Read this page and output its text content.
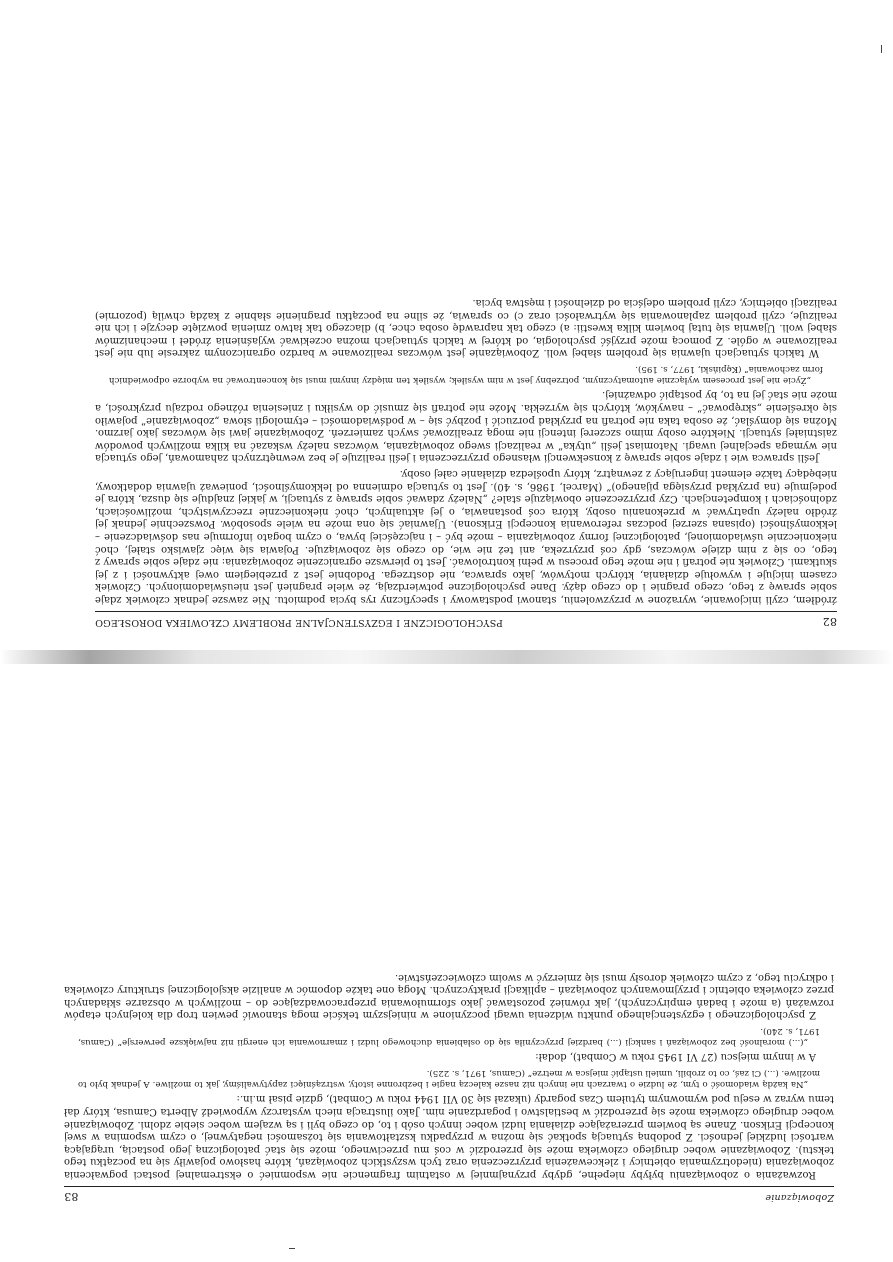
82
PSYCHOLOGICZNE I EGZYSTENCJALNE PROBLEMY CZŁOWIEKA DOROSŁEGO

źródłem, czyli inicjowanie, wyrażone w przyzwoleniu, stanowi podstawowy i specyficzny rys bycia podmiotu. Nie zawsze jednak człowiek zdaje sobie sprawę z tego, czego pragnie i do czego dąży. Dane psychologiczne potwierdzają, że wiele pragnień jest nieuświadomionych. Człowiek czasem inicjuje i wywołuje działania, których motywów, jako sprawca, nie dostrzega. Podobnie jest z przebiegiem owej aktywności i z jej skutkami. Człowiek nie potrafi i nie może tego procesu w pełni kontrolować. Jest to pierwsze ograniczenie zobowiązania: nie zdaje sobie sprawy z tego, co się z nim dzieje wówczas, gdy coś przyrzeka, ani też nie wie, do czego się zobowiązuje. Pojawia się więc zjawisko stałej, choć niekoniecznie uświadomionej, patologicznej formy zobowiązania – może być – i najczęściej bywa, o czym bogato informuje nas doświadczenie – lekkomyślności (opisana szerzej podczas referowania koncepcji Eriksona). Ujawniać się ona może na wiele sposobów. Powszechnie jednak jej źródło należy upatrywać w przekonaniu osoby, która coś postanawia, o jej aktualnych, choć niekoniecznie rzeczywistych, możliwościach, zdolnościach i kompetencjach. Czy przyrzeczenie obowiązuje stale? „Należy zdawać sobie sprawę z sytuacji, w jakiej znajduje się dusza, która je podejmuje (na przykład przysięga pijanego)” (Marcel, 1986, s. 40). Jest to sytuacja odmienna od lekkomyślności, ponieważ ujawnia dodatkowy, niebędący także element ingerujący z zewnątrz, który upośledza działanie całej osoby.

Jeśli sprawca wie i zdaje sobie sprawę z konsekwencji własnego przyrzeczenia i jeśli realizuje je bez wewnętrznych zahamowań, jego sytuacja nie wymaga specjalnej uwagi. Natomiast jeśli „utyka” w realizacji swego zobowiązania, wówczas należy wskazać na kilka możliwych powodów zaistniałej sytuacji. Niektóre osoby mimo szczerej intencji nie mogą zrealizować swych zamierzeń. Zobowiązanie jawi się wówczas jako jarzmo. Można się domyślać, że osoba taka nie potrafi na przykład porzucić i pozbyć się – w podświadomości – etymologii słowa „zobowiązanie” pojawiło się określenie „skrępować” – nawyków, których się wyrzekła. Może nie potrafi się zmusić do wysiłku i zniesienia różnego rodzaju przykrości, a może nie stać jej na to, by postąpić odważniej.

„Życie nie jest procesem wyłącznie automatycznym, potrzebny jest w nim wysiłek; wysiłek ten między innymi musi się koncentrować na wyborze odpowiednich form zachowania” (Kępiński, 1977, s. 195).

W takich sytuacjach ujawnia się problem słabej woli. Zobowiązanie jest wówczas realizowane w bardzo ograniczonym zakresie lub nie jest realizowane w ogóle. Z pomocą może przyjść psychologia, od której w takich sytuacjach można oczekiwać wyjaśnienia źródeł i mechanizmów słabej woli. Ujawnia się tutaj bowiem kilka kwestii: a) czego tak naprawdę osoba chce, b) dlaczego tak łatwo zmienia powzięte decyzje i ich nie realizuje, czyli problem zaplanowania się wytrwałości oraz c) co sprawia, że silne na początku pragnienie słabnie z każdą chwilą (pozornie) realizacji obietnicy, czyli problem odejścia od dzielności i męstwa bycia.

Zobowiązanie
83

Rozważania o zobowiązaniu byłyby niepełne, gdyby przynajmniej w ostatnim fragmencie nie wspomnieć o ekstremalnej postaci pogwałcenia zobowiązania (niedotrzymania obietnicy i zlekceważenia przyrzeczenia oraz tych wszystkich zobowiązań, które hasłowo pojawiły się na początku tego tekstu). Zobowiązanie wobec drugiego człowieka może się przerodzić w coś mu przeciwnego, może się stać patologiczną jego postacią, urągającą wartości ludzkiej jedności. Z podobną sytuacją spotkać się można w przypadku kształtowania się tożsamości negatywnej, o czym wspomina w swej koncepcji Erikson. Znane są bowiem przerażające działania ludzi wobec innych osób i to, do czego byli i są wzajem wobec siebie zdolni. Zobowiązanie wobec drugiego człowieka może się przerodzić w bestialstwo i pogardzanie nim. Jako ilustracja niech wystarczy wypowiedź Alberta Camusa, który dał temu wyraz w eseju pod wymownym tytułem Czas pogardy (ukazał się 30 VII 1944 roku w Combat), gdzie pisał m.in.:

„Na każdą wiadomość o tym, że ludzie o twarzach nie innych niż nasze kaleczą nagie i bezbronne istoty, wstrząśnięci zapytywaliśmy, jak to możliwe. A jednak było to możliwe. (...) Ci zaś, co to zrobili, umieli ustąpić miejsca w metrze” (Camus, 1971, s. 225).

A w innym miejscu (27 VI 1945 roku w Combat), dodał:

„(...) moralność bez zobowiązań i sankcji (...) bardziej przyczyniła się do osłabienia duchowego ludzi i zmarnowania ich energii niż największe perwersje” (Camus, 1971, s. 240).

Z psychologicznego i egzystencjalnego punktu widzenia uwagi poczynione w niniejszym tekście mogą stanowić pewien trop dla kolejnych etapów rozważań (a może i badań empirycznych), jak również pozostawać jako sformułowania przepracowadzające do – możliwych w obszarze składanych przez człowieka obietnic i przyjmowanych zobowiązań – aplikacji praktycznych. Mogą one także dopomóc w analizie aksjologicznej struktury człowieka i odkryciu tego, z czym człowiek dorosły musi się zmierzyć w swoim człowieczeństwie.
